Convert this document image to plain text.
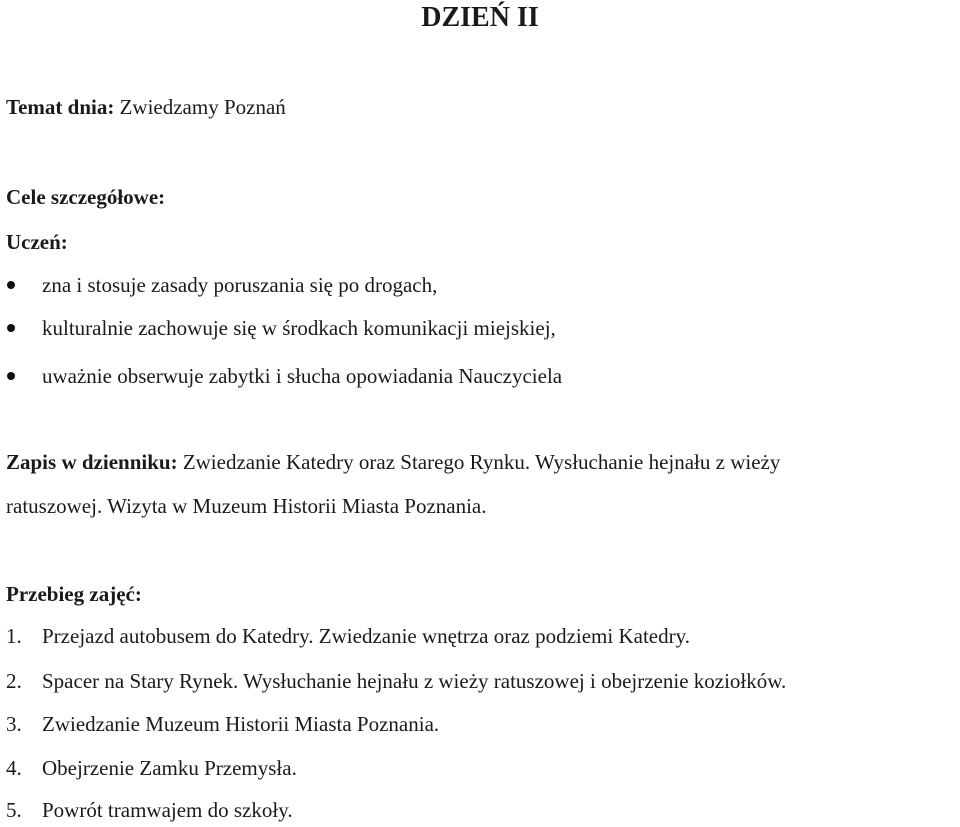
DZIEŃ II
Temat dnia: Zwiedzamy Poznań
Cele szczegółowe:
Uczeń:
zna i stosuje zasady poruszania się po drogach,
kulturalnie zachowuje się w środkach komunikacji miejskiej,
uważnie obserwuje zabytki i słucha opowiadania Nauczyciela
Zapis w dzienniku: Zwiedzanie Katedry oraz Starego Rynku. Wysłuchanie hejnału z wieży
ratuszowej. Wizyta w Muzeum Historii Miasta Poznania.
Przebieg zajęć:
1. Przejazd autobusem do Katedry. Zwiedzanie wnętrza oraz podziemi Katedry.
2. Spacer na Stary Rynek. Wysłuchanie hejnału z wieży ratuszowej i obejrzenie koziołków.
3. Zwiedzanie Muzeum Historii Miasta Poznania.
4. Obejrzenie Zamku Przemysła.
5. Powrót tramwajem do szkoły.
